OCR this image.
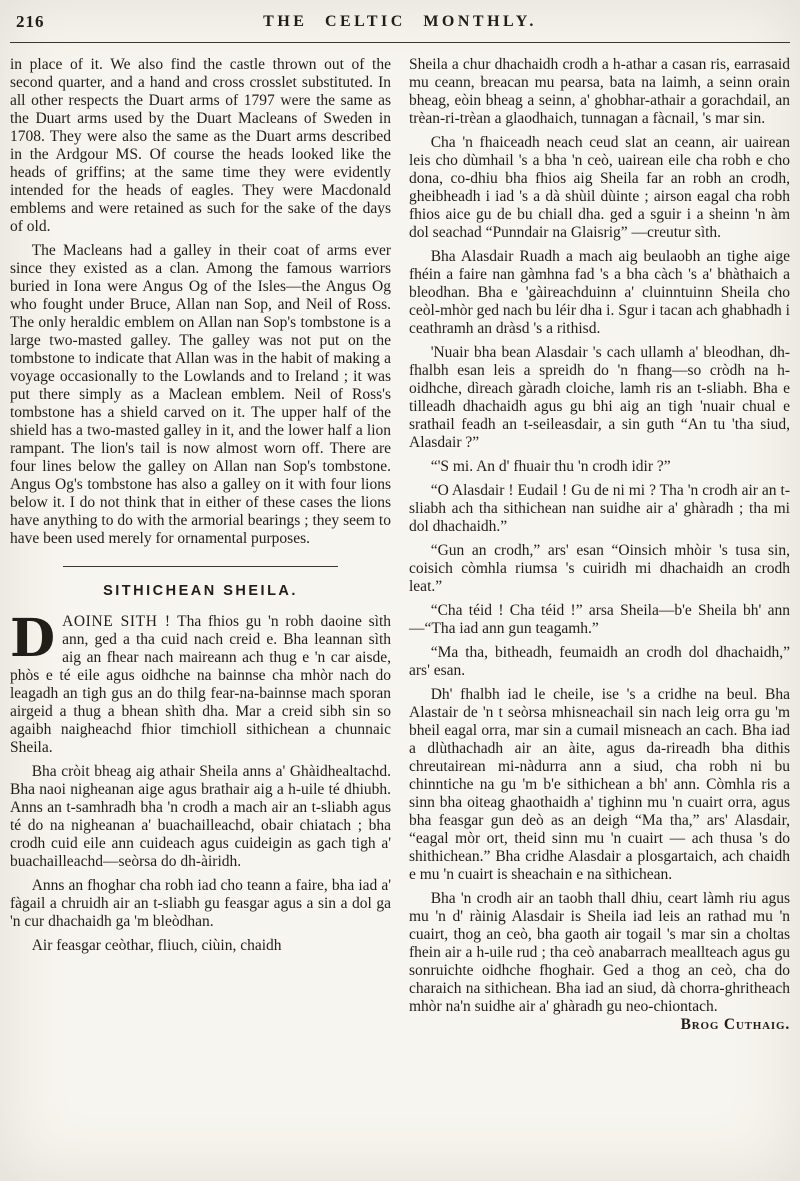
216	THE CELTIC MONTHLY.

in place of it. We also find the castle thrown out of the second quarter, and a hand and cross crosslet substituted. In all other respects the Duart arms of 1797 were the same as the Duart arms used by the Duart Macleans of Sweden in 1708. They were also the same as the Duart arms described in the Ardgour MS. Of course the heads looked like the heads of griffins; at the same time they were evidently intended for the heads of eagles. They were Macdonald emblems and were retained as such for the sake of the days of old.

The Macleans had a galley in their coat of arms ever since they existed as a clan. Among the famous warriors buried in Iona were Angus Og of the Isles—the Angus Og who fought under Bruce, Allan nan Sop, and Neil of Ross. The only heraldic emblem on Allan nan Sop's tombstone is a large two-masted galley. The galley was not put on the tombstone to indicate that Allan was in the habit of making a voyage occasionally to the Lowlands and to Ireland ; it was put there simply as a Maclean emblem. Neil of Ross's tombstone has a shield carved on it. The upper half of the shield has a two-masted galley in it, and the lower half a lion rampant. The lion's tail is now almost worn off. There are four lines below the galley on Allan nan Sop's tombstone. Angus Og's tombstone has also a galley on it with four lions below it. I do not think that in either of these cases the lions have anything to do with the armorial bearings ; they seem to have been used merely for ornamental purposes.

SITHICHEAN SHEILA.

D AOINE SITH ! Tha fhios gu 'n robh daoine sìth ann, ged a tha cuid nach creid e. Bha leannan sìth aig an fhear nach maireann ach thug e 'n car aisde, phòs e té eile agus oidhche na bainnse cha mhòr nach do leagadh an tigh gus an do thilg fear-na-bainnse mach sporan airgeid a thug a bhean shìth dha. Mar a creid sibh sin so agaibh naigheachd fhior timchioll sithichean a chunnaic Sheila.

Bha cròit bheag aig athair Sheila anns a' Ghàidhealtachd. Bha naoi nigheanan aige agus brathair aig a h-uile té dhiubh. Anns an t-samhradh bha 'n crodh a mach air an t-sliabh agus té do na nigheanan a' buachailleachd, obair chiatach ; bha crodh cuid eile ann cuideach agus cuideigin as gach tigh a' buachailleachd—seòrsa do dh-àiridh.

Anns an fhoghar cha robh iad cho teann a faire, bha iad a' fàgail a chruidh air an t-sliabh gu feasgar agus a sin a dol ga 'n cur dhachaidh ga 'm bleòdhan.

Air feasgar ceòthar, fliuch, ciùin, chaidh

Sheila a chur dhachaidh crodh a h-athar a casan ris, earrasaid mu ceann, breacan mu pearsa, bata na laimh, a seinn orain bheag, eòin bheag a seinn, a' ghobhar-athair a gorachdail, an trèan-ri-trèan a glaodhaich, tunnagan a fàcnail, 's mar sin.

Cha 'n fhaiceadh neach ceud slat an ceann, air uairean leis cho dùmhail 's a bha 'n ceò, uairean eile cha robh e cho dona, co-dhiu bha fhios aig Sheila far an robh an crodh, gheibheadh i iad 's a dà shùil dùinte ; airson eagal cha robh fhios aice gu de bu chiall dha. ged a sguir i a sheinn 'n àm dol seachad “Punndair na Glaisrig” —creutur sìth.

Bha Alasdair Ruadh a mach aig beulaobh an tighe aige fhéin a faire nan gàmhna fad 's a bha càch 's a' bhàthaich a bleodhan. Bha e 'gàireachduinn a' cluinntuinn Sheila cho ceòl-mhòr ged nach bu léir dha i. Sgur i tacan ach ghabhadh i ceathramh an dràsd 's a rithisd.

'Nuair bha bean Alasdair 's cach ullamh a' bleodhan, dh-fhalbh esan leis a spreidh do 'n fhang—so cròdh na h-oidhche, dìreach gàradh cloiche, lamh ris an t-sliabh. Bha e tilleadh dhachaidh agus gu bhi aig an tigh 'nuair chual e srathail feadh an t-seileasdair, a sin guth “An tu 'tha siud, Alasdair ?”

“'S mi. An d' fhuair thu 'n crodh idir ?”

“O Alasdair ! Eudail ! Gu de ni mi ? Tha 'n crodh air an t-sliabh ach tha sithichean nan suidhe air a' ghàradh ; tha mi dol dhachaidh.”

“Gun an crodh,” ars' esan “Oinsich mhòir 's tusa sin, coisich còmhla riumsa 's cuiridh mi dhachaidh an crodh leat.”

“Cha téid ! Cha téid !” arsa Sheila—b'e Sheila bh' ann—“Tha iad ann gun teagamh.”

“Ma tha, bitheadh, feumaidh an crodh dol dhachaidh,” ars' esan.

Dh' fhalbh iad le cheile, ise 's a cridhe na beul. Bha Alastair de 'n t seòrsa mhisneachail sin nach leig orra gu 'm bheil eagal orra, mar sin a cumail misneach an cach. Bha iad a dlùthachadh air an àite, agus da-rireadh bha dithis chreutairean mi-nàdurra ann a siud, cha robh ni bu chinntiche na gu 'm b'e sithichean a bh' ann. Còmhla ris a sinn bha oiteag ghaothaidh a' tighinn mu 'n cuairt orra, agus bha feasgar gun deò as an deigh “Ma tha,” ars' Alasdair, “eagal mòr ort, theid sinn mu 'n cuairt — ach thusa 's do shithichean.” Bha cridhe Alasdair a plosgartaich, ach chaidh e mu 'n cuairt is sheachain e na sìthichean.

Bha 'n crodh air an taobh thall dhiu, ceart làmh riu agus mu 'n d' ràinig Alasdair is Sheila iad leis an rathad mu 'n cuairt, thog an ceò, bha gaoth air togail 's mar sin a choltas fhein air a h-uile rud ; tha ceò anabarrach meallteach agus gu sonruichte oidhche fhoghair. Ged a thog an ceò, cha do charaich na sithichean. Bha iad an siud, dà chorra-ghritheach mhòr na'n suidhe air a' ghàradh gu neo-chiontach.
Brog Cuthaig.
